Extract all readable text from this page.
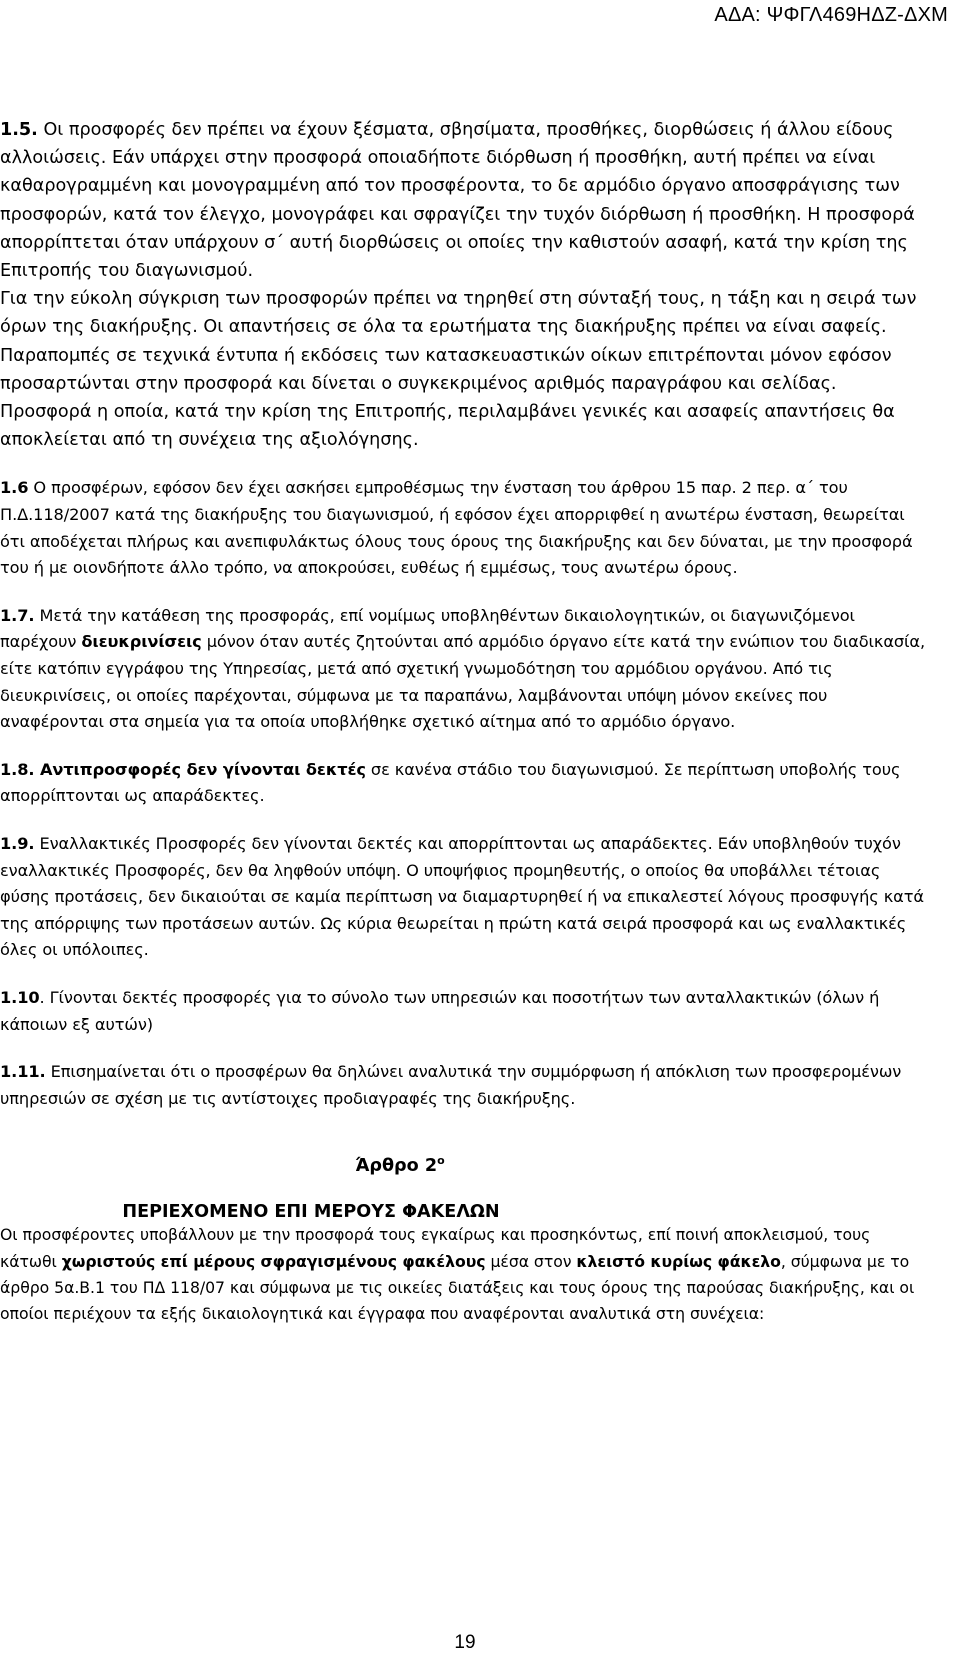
ΑΔΑ: ΨΦΓΛ469ΗΔΖ-ΔΧΜ

1.5. Οι προσφορές δεν πρέπει να έχουν ξέσματα, σβησίματα, προσθήκες, διορθώσεις ή άλλου είδους αλλοιώσεις. Εάν υπάρχει στην προσφορά οποιαδήποτε διόρθωση ή προσθήκη, αυτή πρέπει να είναι καθαρογραμμένη και μονογραμμένη από τον προσφέροντα, το δε αρμόδιο όργανο αποσφράγισης των προσφορών, κατά τον έλεγχο, μονογράφει και σφραγίζει την τυχόν διόρθωση ή προσθήκη. Η προσφορά απορρίπτεται όταν υπάρχουν σ΄ αυτή διορθώσεις οι οποίες την καθιστούν ασαφή, κατά την κρίση της Επιτροπής του διαγωνισμού.

Για την εύκολη σύγκριση των προσφορών πρέπει να τηρηθεί στη σύνταξή τους, η τάξη και η σειρά των όρων της διακήρυξης. Οι απαντήσεις σε όλα τα ερωτήματα της διακήρυξης πρέπει να είναι σαφείς. Παραπομπές σε τεχνικά έντυπα ή εκδόσεις των κατασκευαστικών οίκων επιτρέπονται μόνον εφόσον προσαρτώνται στην προσφορά και δίνεται ο συγκεκριμένος αριθμός παραγράφου και σελίδας. Προσφορά η οποία, κατά την κρίση της Επιτροπής, περιλαμβάνει γενικές και ασαφείς απαντήσεις θα αποκλείεται από τη συνέχεια της αξιολόγησης.

1.6 Ο προσφέρων, εφόσον δεν έχει ασκήσει εμπροθέσμως την ένσταση του άρθρου 15 παρ. 2 περ. α΄ του Π.Δ.118/2007 κατά της διακήρυξης του διαγωνισμού, ή εφόσον έχει απορριφθεί η ανωτέρω ένσταση, θεωρείται ότι αποδέχεται πλήρως και ανεπιφυλάκτως όλους τους όρους της διακήρυξης και δεν δύναται, με την προσφορά του ή με οιονδήποτε άλλο τρόπο, να αποκρούσει, ευθέως ή εμμέσως, τους ανωτέρω όρους.

1.7. Μετά την κατάθεση της προσφοράς, επί νομίμως υποβληθέντων δικαιολογητικών, οι διαγωνιζόμενοι παρέχουν διευκρινίσεις μόνον όταν αυτές ζητούνται από αρμόδιο όργανο είτε κατά την ενώπιον του διαδικασία, είτε κατόπιν εγγράφου της Υπηρεσίας, μετά από σχετική γνωμοδότηση του αρμόδιου οργάνου. Από τις διευκρινίσεις, οι οποίες παρέχονται, σύμφωνα με τα παραπάνω, λαμβάνονται υπόψη μόνον εκείνες που αναφέρονται στα σημεία για τα οποία υποβλήθηκε σχετικό αίτημα από το αρμόδιο όργανο.

1.8. Αντιπροσφορές δεν γίνονται δεκτές σε κανένα στάδιο του διαγωνισμού. Σε περίπτωση υποβολής τους απορρίπτονται ως απαράδεκτες.

1.9. Εναλλακτικές Προσφορές δεν γίνονται δεκτές και απορρίπτονται ως απαράδεκτες. Εάν υποβληθούν τυχόν εναλλακτικές Προσφορές, δεν θα ληφθούν υπόψη. Ο υποψήφιος προμηθευτής, ο οποίος θα υποβάλλει τέτοιας φύσης προτάσεις, δεν δικαιούται σε καμία περίπτωση να διαμαρτυρηθεί ή να επικαλεστεί λόγους προσφυγής κατά της απόρριψης των προτάσεων αυτών. Ως κύρια θεωρείται η πρώτη κατά σειρά προσφορά και ως εναλλακτικές όλες οι υπόλοιπες.

1.10. Γίνονται δεκτές προσφορές για το σύνολο των υπηρεσιών και ποσοτήτων των ανταλλακτικών (όλων ή κάποιων εξ αυτών)

1.11. Επισημαίνεται ότι ο προσφέρων θα δηλώνει αναλυτικά την συμμόρφωση ή απόκλιση των προσφερομένων υπηρεσιών σε σχέση με τις αντίστοιχες προδιαγραφές της διακήρυξης.

Άρθρο $2^o$

ΠΕΡΙΕΧΟΜΕΝΟ ΕΠΙ ΜΕΡΟΥΣ ΦΑΚΕΛΩΝ

Οι προσφέροντες υποβάλλουν με την προσφορά τους εγκαίρως και προσηκόντως, επί ποινή αποκλεισμού, τους κάτωθι χωριστούς επί μέρους σφραγισμένους φακέλους μέσα στον κλειστό κυρίως φάκελο, σύμφωνα με το άρθρο 5α.Β.1 του ΠΔ 118/07 και σύμφωνα με τις οικείες διατάξεις και τους όρους της παρούσας διακήρυξης, και οι οποίοι περιέχουν τα εξής δικαιολογητικά και έγγραφα που αναφέρονται αναλυτικά στη συνέχεια:

19
